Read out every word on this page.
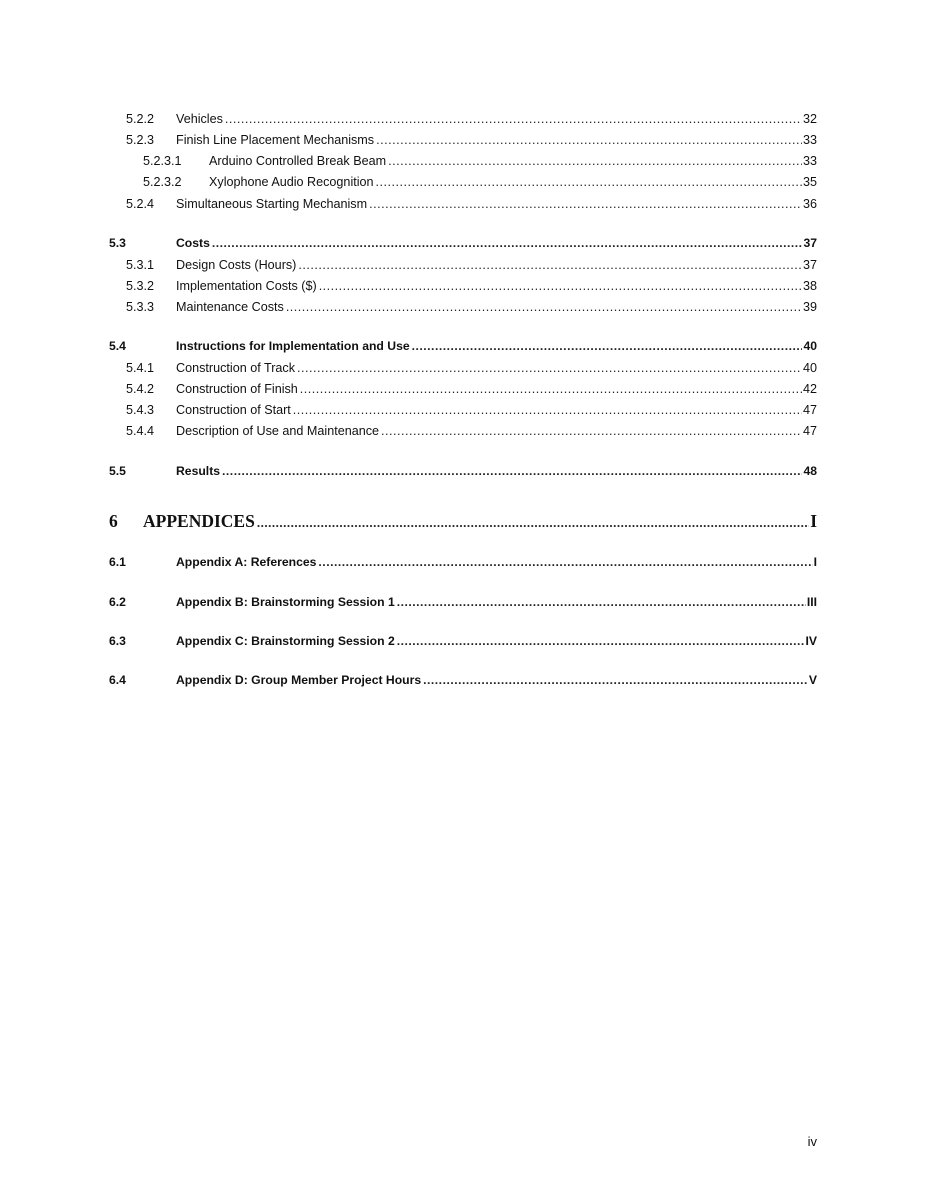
5.2.2	Vehicles .....	32
5.2.3	Finish Line Placement Mechanisms .....	33
5.2.3.1	Arduino Controlled Break Beam .....	33
5.2.3.2	Xylophone Audio Recognition .....	35
5.2.4	Simultaneous Starting Mechanism .....	36
5.3	Costs .....	37
5.3.1	Design Costs (Hours) .....	37
5.3.2	Implementation Costs ($) .....	38
5.3.3	Maintenance Costs .....	39
5.4	Instructions for Implementation and Use .....	40
5.4.1	Construction of Track .....	40
5.4.2	Construction of Finish .....	42
5.4.3	Construction of Start .....	47
5.4.4	Description of Use and Maintenance .....	47
5.5	Results .....	48
6	APPENDICES .....	I
6.1	Appendix A: References .....	I
6.2	Appendix B: Brainstorming Session 1 .....	III
6.3	Appendix C: Brainstorming Session 2 .....	IV
6.4	Appendix D: Group Member Project Hours .....	V
iv
